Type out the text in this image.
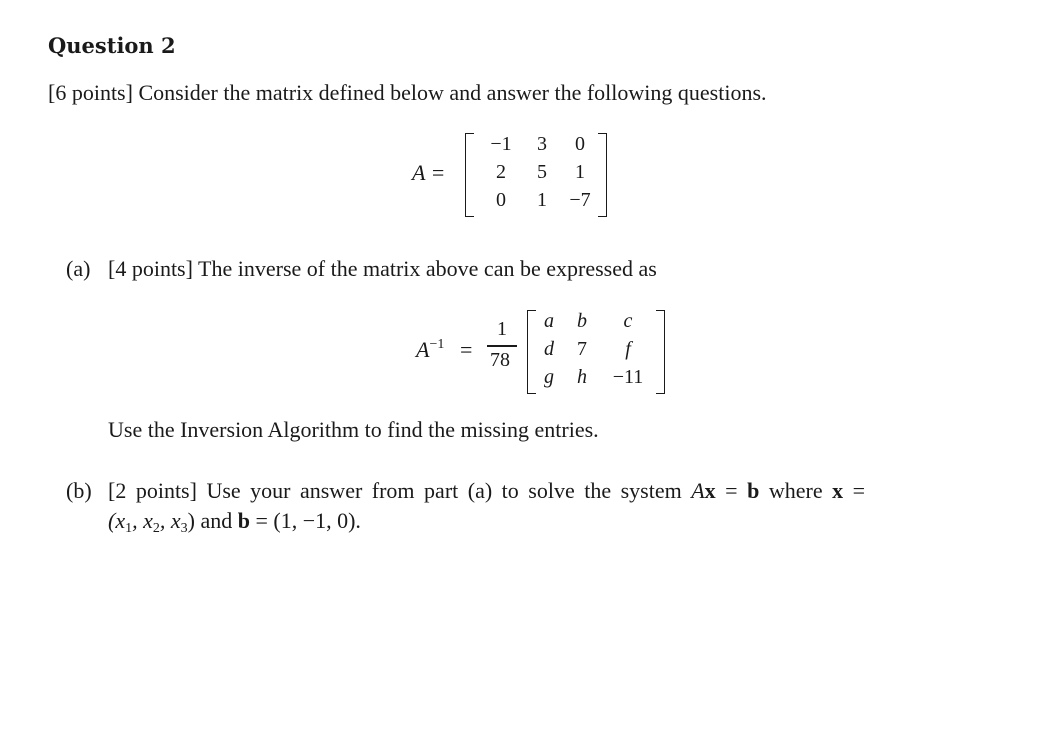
Question 2
[6 points] Consider the matrix defined below and answer the following questions.
A =
−1	3	0
2	5	1
0	1	−7
(a) [4 points] The inverse of the matrix above can be expressed as
$A^{-1}$ =
1
78
a	b	c
d	7	f
g	h	−11
Use the Inversion Algorithm to find the missing entries.
(b) [2 points] Use your answer from part (a) to solve the system Ax = b where x =
($x_1$, $x_2$, $x_3$) and b = (1, −1, 0).
